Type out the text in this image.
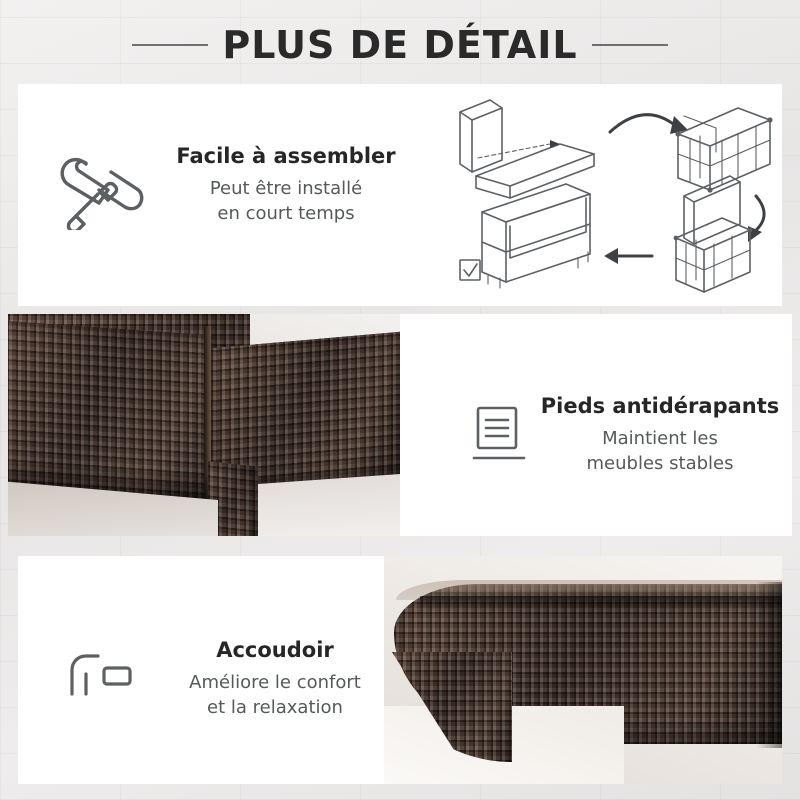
PLUS DE DÉTAIL

Facile à assembler

Peut être installé

en court temps

Pieds antidérapants

Maintient les

meubles stables

Accoudoir

Améliore le confort

et la relaxation
